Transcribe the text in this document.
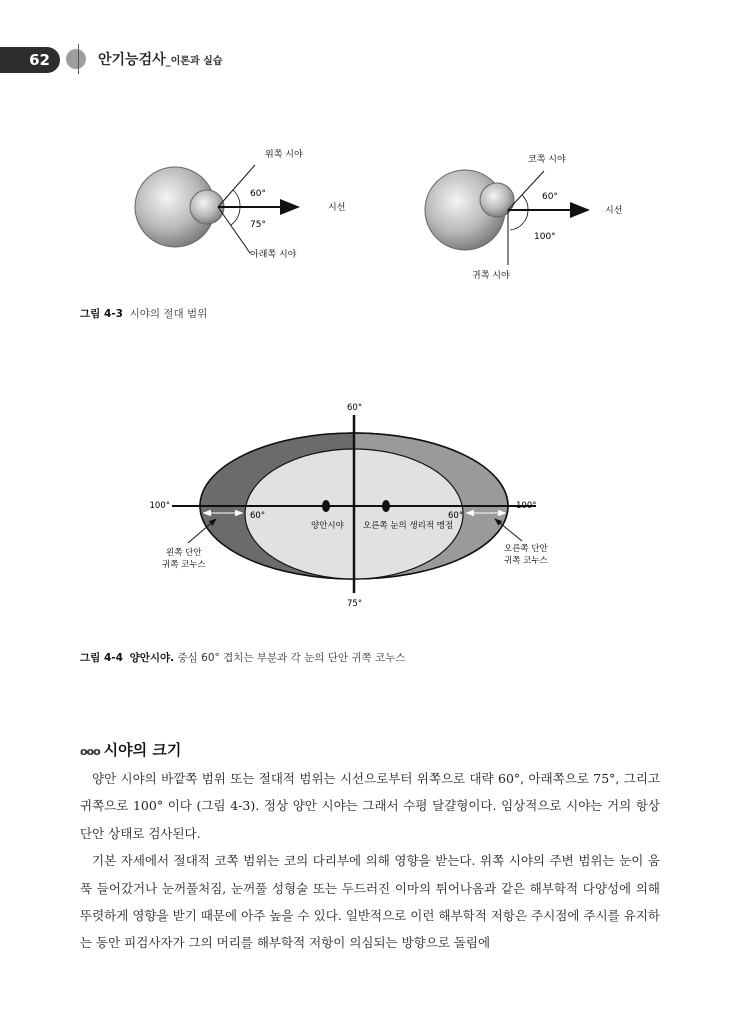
62	안기능검사_이론과 실습
위쪽 시야
60°
75°
아래쪽 시야
시선
코쪽 시야
60°
100°
귀쪽 시야
시선
그림 4-3 시야의 절대 범위
60°
75°
100°	100°
60°	60°
양안시야 오른쪽 눈의 생리적 맹점
왼쪽 단안
귀쪽 코누스
오른쪽 단안
귀쪽 코누스
그림 4-4 양안시야. 중심 60° 겹치는 부분과 각 눈의 단안 귀쪽 코누스
ooo 시야의 크기

양안 시야의 바깥쪽 범위 또는 절대적 범위는 시선으로부터 위쪽으로 대략 60°, 아래쪽으로 75°, 그리고 귀쪽으로 100° 이다 (그림 4-3). 정상 양안 시야는 그래서 수평 달걀형이다. 임상적으로 시야는 거의 항상 단안 상태로 검사된다.

기본 자세에서 절대적 코쪽 범위는 코의 다리부에 의해 영향을 받는다. 위쪽 시야의 주변 범위는 눈이 움푹 들어갔거나 눈꺼풀처짐, 눈꺼풀 성형술 또는 두드러진 이마의 튀어나옴과 같은 해부학적 다양성에 의해 뚜렷하게 영향을 받기 때문에 아주 높을 수 있다. 일반적으로 이런 해부학적 저항은 주시점에 주시를 유지하는 동안 피검사자가 그의 머리를 해부학적 저항이 의심되는 방향으로 돌림에
